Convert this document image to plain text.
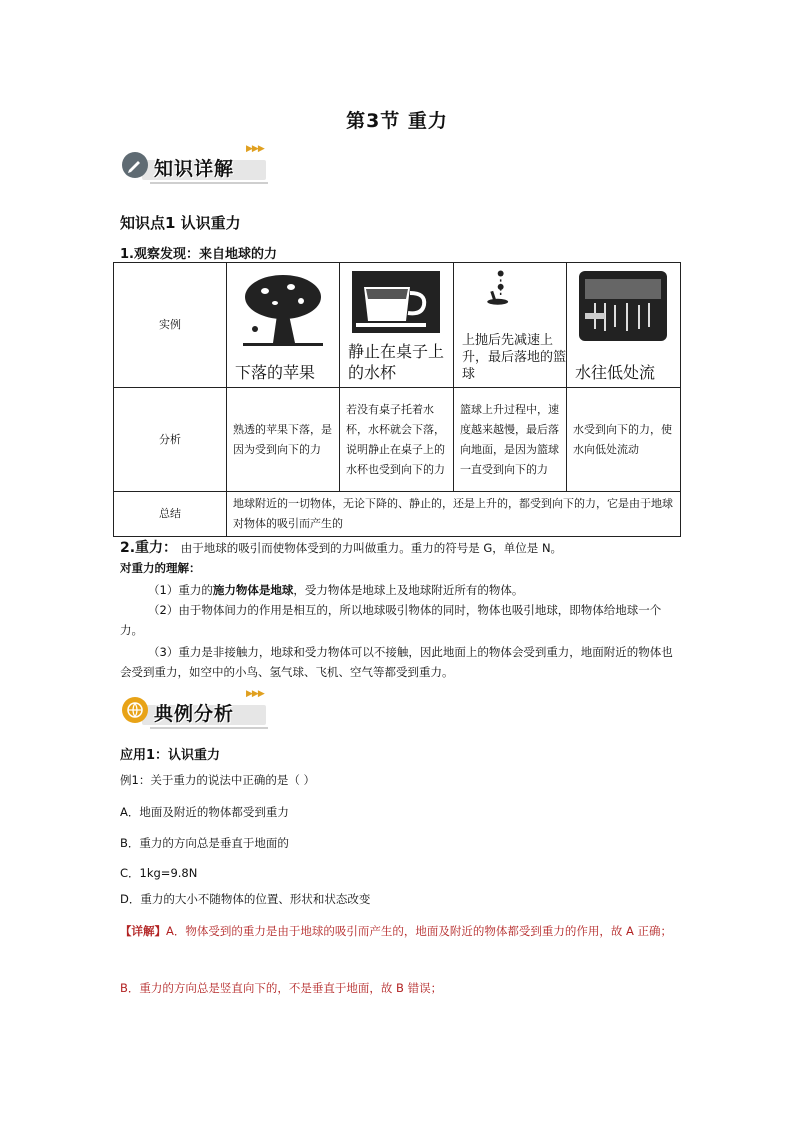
第3节 重力
知识详解
▶▶▶
知识点1 认识重力
1.观察发现：来自地球的力
实例	下落的苹果	静止在桌子上的水杯	上抛后先减速上升，最后落地的篮球	水往低处流

分析	熟透的苹果下落，是因为受到向下的力	若没有桌子托着水杯，水杯就会下落，说明静止在桌子上的水杯也受到向下的力	篮球上升过程中，速度越来越慢，最后落向地面，是因为篮球一直受到向下的力	水受到向下的力，使水向低处流动
总结	地球附近的一切物体，无论下降的、静止的，还是上升的，都受到向下的力，它是由于地球对物体的吸引而产生的			
2.重力： 由于地球的吸引而使物体受到的力叫做重力。重力的符号是 G，单位是 N。
对重力的理解：
（1）重力的施力物体是地球，受力物体是地球上及地球附近所有的物体。
（2）由于物体间力的作用是相互的，所以地球吸引物体的同时，物体也吸引地球，即物体给地球一个力。
（3）重力是非接触力，地球和受力物体可以不接触，因此地面上的物体会受到重力，地面附近的物体也会受到重力，如空中的小鸟、氢气球、飞机、空气等都受到重力。
典例分析
▶▶▶
应用1：认识重力
例1：关于重力的说法中正确的是（ ）
A．地面及附近的物体都受到重力
B．重力的方向总是垂直于地面的
C．1kg=9.8N
D．重力的大小不随物体的位置、形状和状态改变
【详解】A．物体受到的重力是由于地球的吸引而产生的，地面及附近的物体都受到重力的作用，故 A 正确；
B．重力的方向总是竖直向下的，不是垂直于地面，故 B 错误；
